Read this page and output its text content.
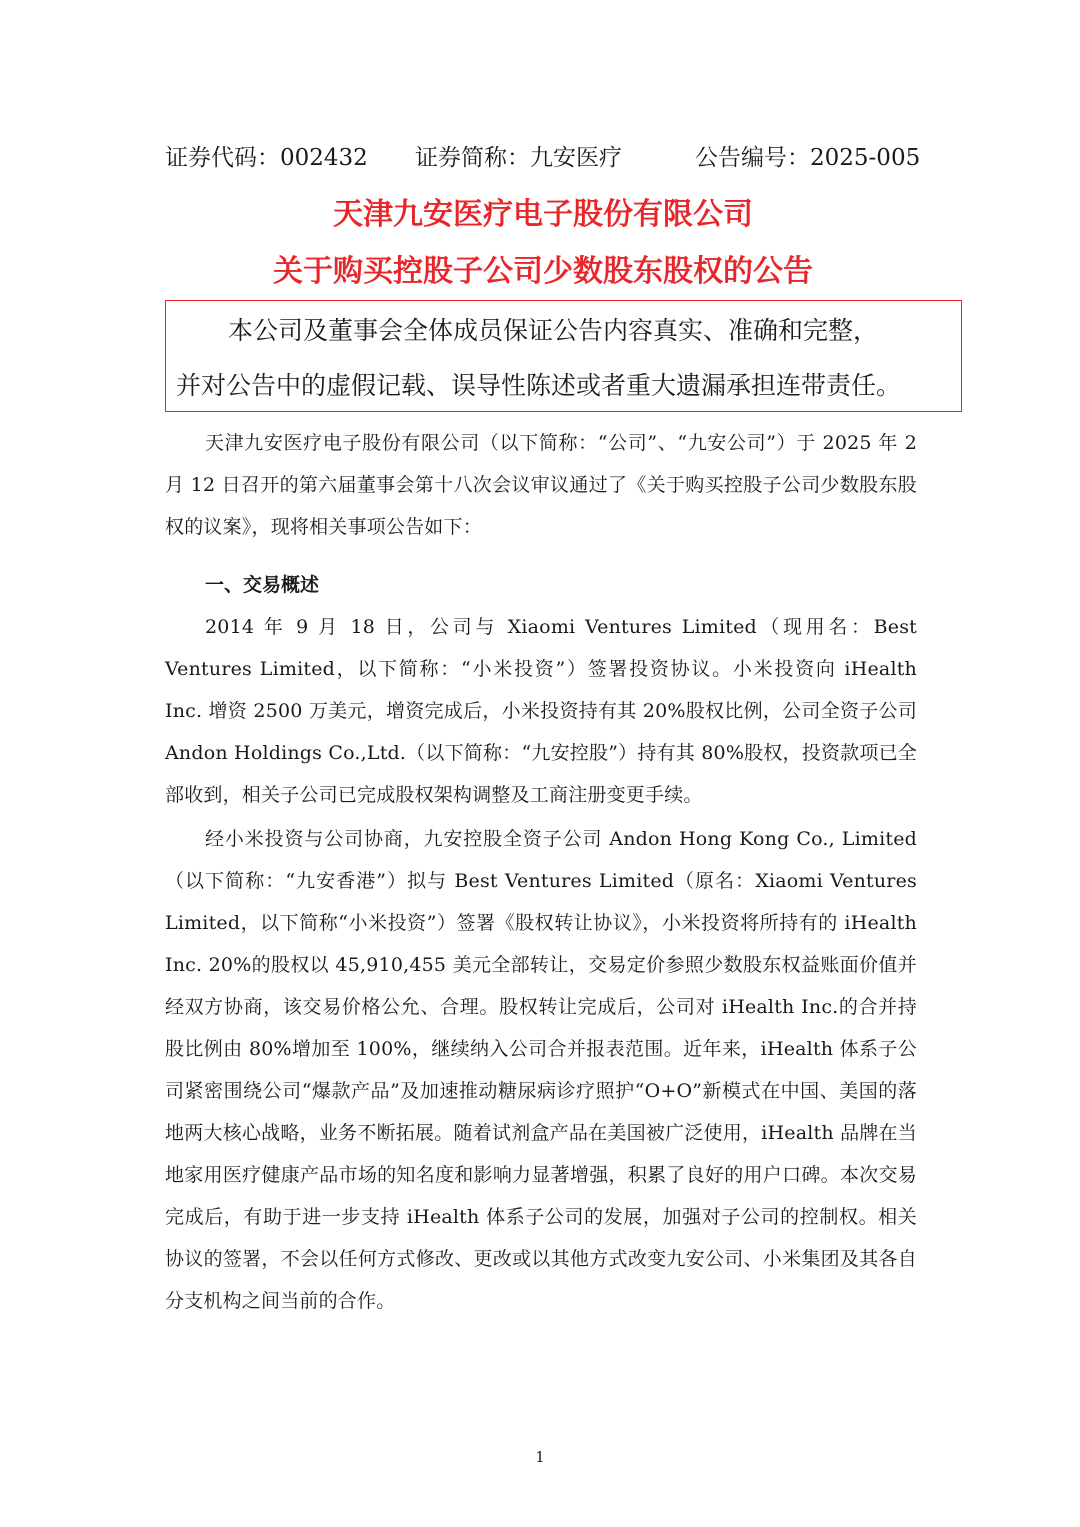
证券代码：002432 证券简称：九安医疗	公告编号：2025-005
天津九安医疗电子股份有限公司
关于购买控股子公司少数股东股权的公告

本公司及董事会全体成员保证公告内容真实、准确和完整，

并对公告中的虚假记载、误导性陈述或者重大遗漏承担连带责任。

天津九安医疗电子股份有限公司（以下简称：“公司”、“九安公司”）于 2025 年 2 月 12 日召开的第六届董事会第十八次会议审议通过了《关于购买控股子公司少数股东股权的议案》，现将相关事项公告如下：
一、交易概述
2014 年 9 月 18 日，公司与 Xiaomi Ventures Limited（现用名：Best Ventures Limited，以下简称：“小米投资”）签署投资协议。小米投资向 iHealth Inc. 增资 2500 万美元，增资完成后，小米投资持有其 20%股权比例，公司全资子公司 Andon Holdings Co.,Ltd.（以下简称：“九安控股”）持有其 80%股权，投资款项已全部收到，相关子公司已完成股权架构调整及工商注册变更手续。
经小米投资与公司协商，九安控股全资子公司 Andon Hong Kong Co., Limited（以下简称：“九安香港”）拟与 Best Ventures Limited（原名：Xiaomi Ventures Limited，以下简称“小米投资”）签署《股权转让协议》，小米投资将所持有的 iHealth Inc. 20%的股权以 45,910,455 美元全部转让，交易定价参照少数股东权益账面价值并经双方协商，该交易价格公允、合理。股权转让完成后，公司对 iHealth Inc.的合并持股比例由 80%增加至 100%，继续纳入公司合并报表范围。近年来，iHealth 体系子公司紧密围绕公司“爆款产品”及加速推动糖尿病诊疗照护“O+O”新模式在中国、美国的落地两大核心战略，业务不断拓展。随着试剂盒产品在美国被广泛使用，iHealth 品牌在当地家用医疗健康产品市场的知名度和影响力显著增强，积累了良好的用户口碑。本次交易完成后，有助于进一步支持 iHealth 体系子公司的发展，加强对子公司的控制权。相关协议的签署，不会以任何方式修改、更改或以其他方式改变九安公司、小米集团及其各自分支机构之间当前的合作。
1
